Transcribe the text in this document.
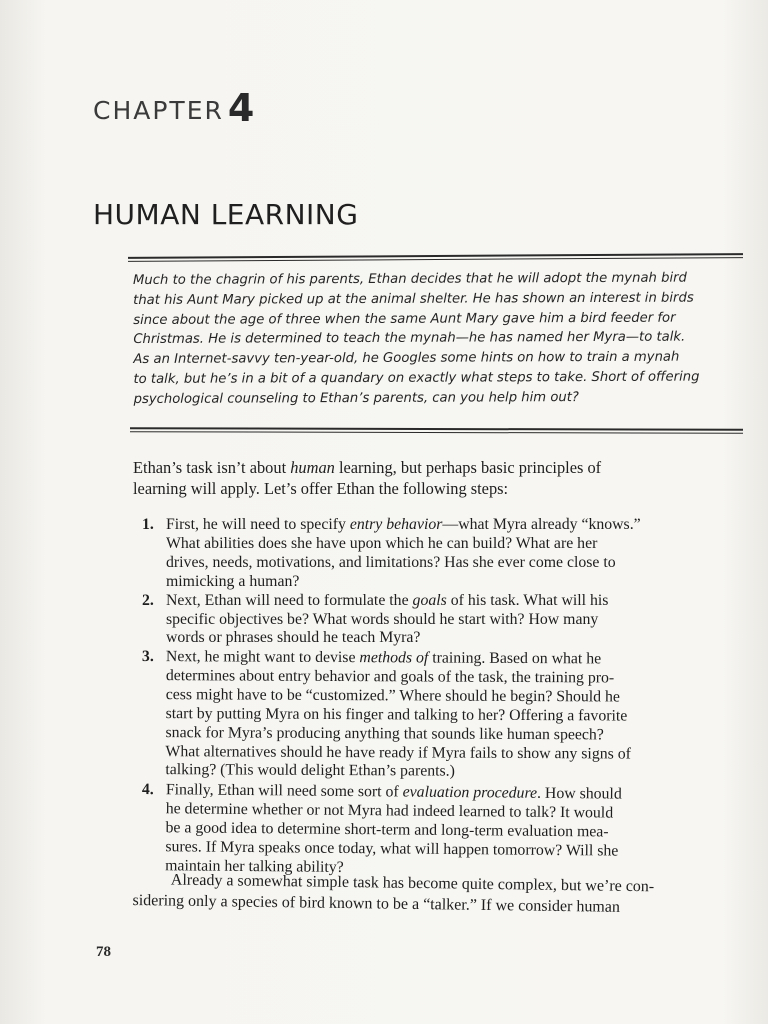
CHAPTER 4
HUMAN LEARNING
Much to the chagrin of his parents, Ethan decides that he will adopt the mynah bird
that his Aunt Mary picked up at the animal shelter. He has shown an interest in birds
since about the age of three when the same Aunt Mary gave him a bird feeder for
Christmas. He is determined to teach the mynah—he has named her Myra—to talk.
As an Internet-savvy ten-year-old, he Googles some hints on how to train a mynah
to talk, but he’s in a bit of a quandary on exactly what steps to take. Short of offering
psychological counseling to Ethan’s parents, can you help him out?
Ethan’s task isn’t about human learning, but perhaps basic principles of
learning will apply. Let’s offer Ethan the following steps:
1. First, he will need to specify entry behavior—what Myra already “knows.”
What abilities does she have upon which he can build? What are her
drives, needs, motivations, and limitations? Has she ever come close to
mimicking a human?
2. Next, Ethan will need to formulate the goals of his task. What will his
specific objectives be? What words should he start with? How many
words or phrases should he teach Myra?
3. Next, he might want to devise methods of training. Based on what he
determines about entry behavior and goals of the task, the training pro-
cess might have to be “customized.” Where should he begin? Should he
start by putting Myra on his finger and talking to her? Offering a favorite
snack for Myra’s producing anything that sounds like human speech?
What alternatives should he have ready if Myra fails to show any signs of
talking? (This would delight Ethan’s parents.)
4. Finally, Ethan will need some sort of evaluation procedure. How should
he determine whether or not Myra had indeed learned to talk? It would
be a good idea to determine short-term and long-term evaluation mea-
sures. If Myra speaks once today, what will happen tomorrow? Will she
maintain her talking ability?
Already a somewhat simple task has become quite complex, but we’re con-
sidering only a species of bird known to be a “talker.” If we consider human
78
